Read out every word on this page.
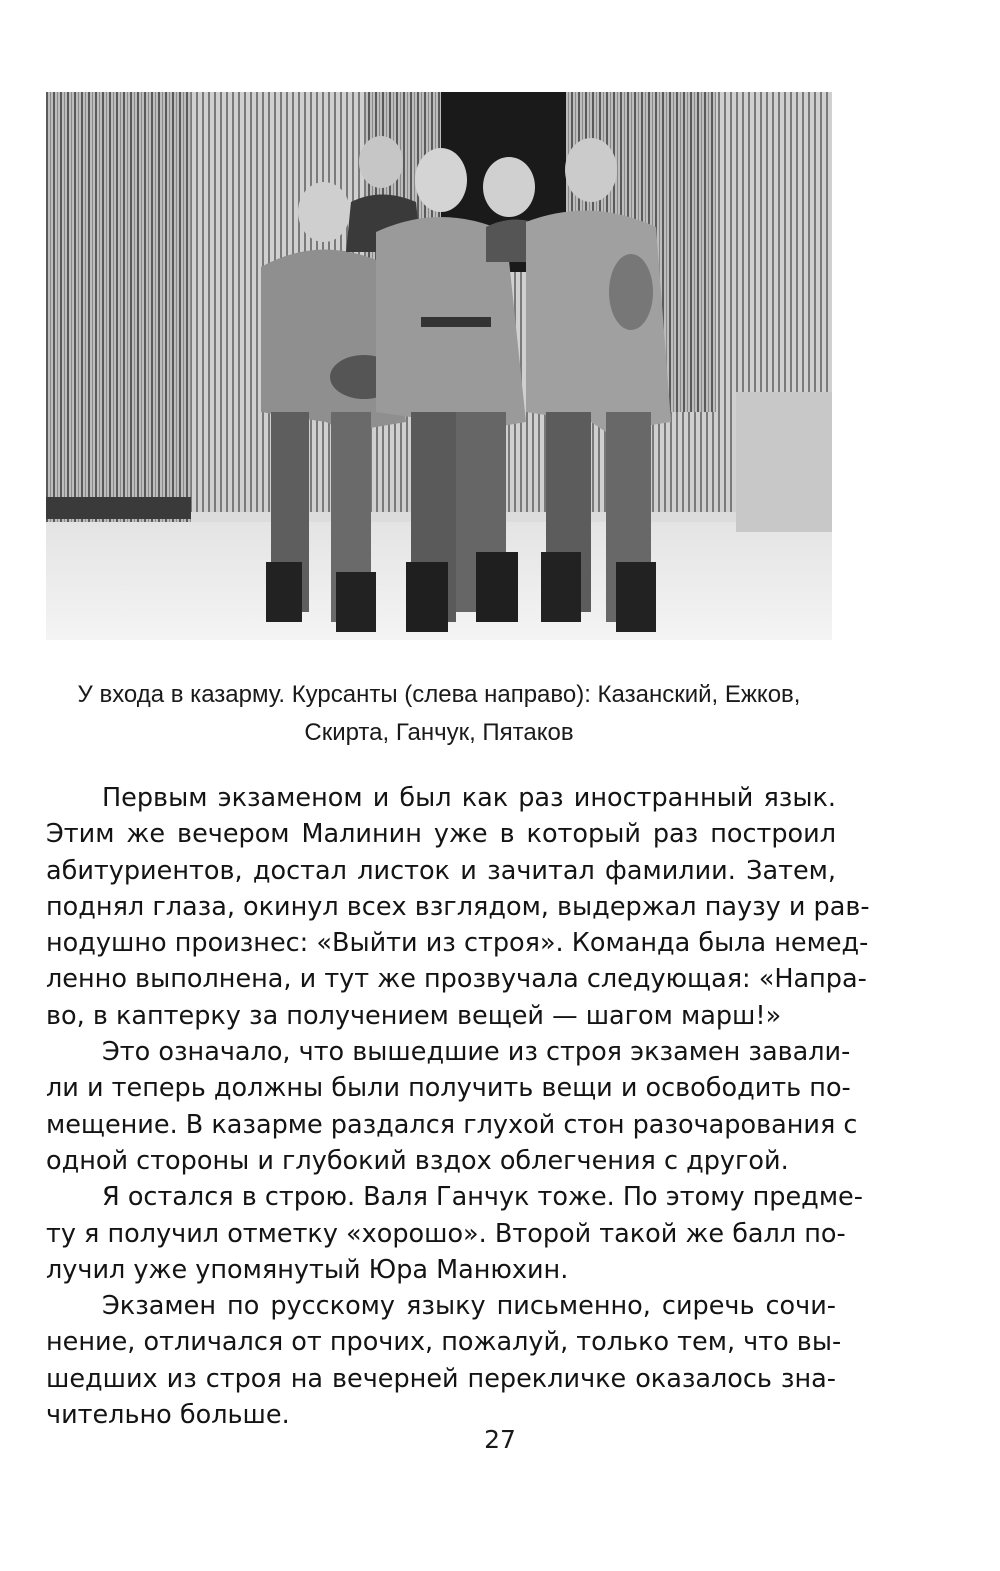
У входа в казарму. Курсанты (слева направо): Казанский, Ежков,
Скирта, Ганчук, Пятаков
Первым экзаменом и был как раз иностранный язык.
Этим же вечером Малинин уже в который раз построил
абитуриентов, достал листок и зачитал фамилии. Затем,
поднял глаза, окинул всех взглядом, выдержал паузу и рав-
нодушно произнес: «Выйти из строя». Команда была немед-
ленно выполнена, и тут же прозвучала следующая: «Напра-
во, в каптерку за получением вещей — шагом марш!»
Это означало, что вышедшие из строя экзамен завали-
ли и теперь должны были получить вещи и освободить по-
мещение. В казарме раздался глухой стон разочарования с
одной стороны и глубокий вздох облегчения с другой.
Я остался в строю. Валя Ганчук тоже. По этому предме-
ту я получил отметку «хорошо». Второй такой же балл по-
лучил уже упомянутый Юра Манюхин.
Экзамен по русскому языку письменно, сиречь сочи-
нение, отличался от прочих, пожалуй, только тем, что вы-
шедших из строя на вечерней перекличке оказалось зна-
чительно больше.
27
